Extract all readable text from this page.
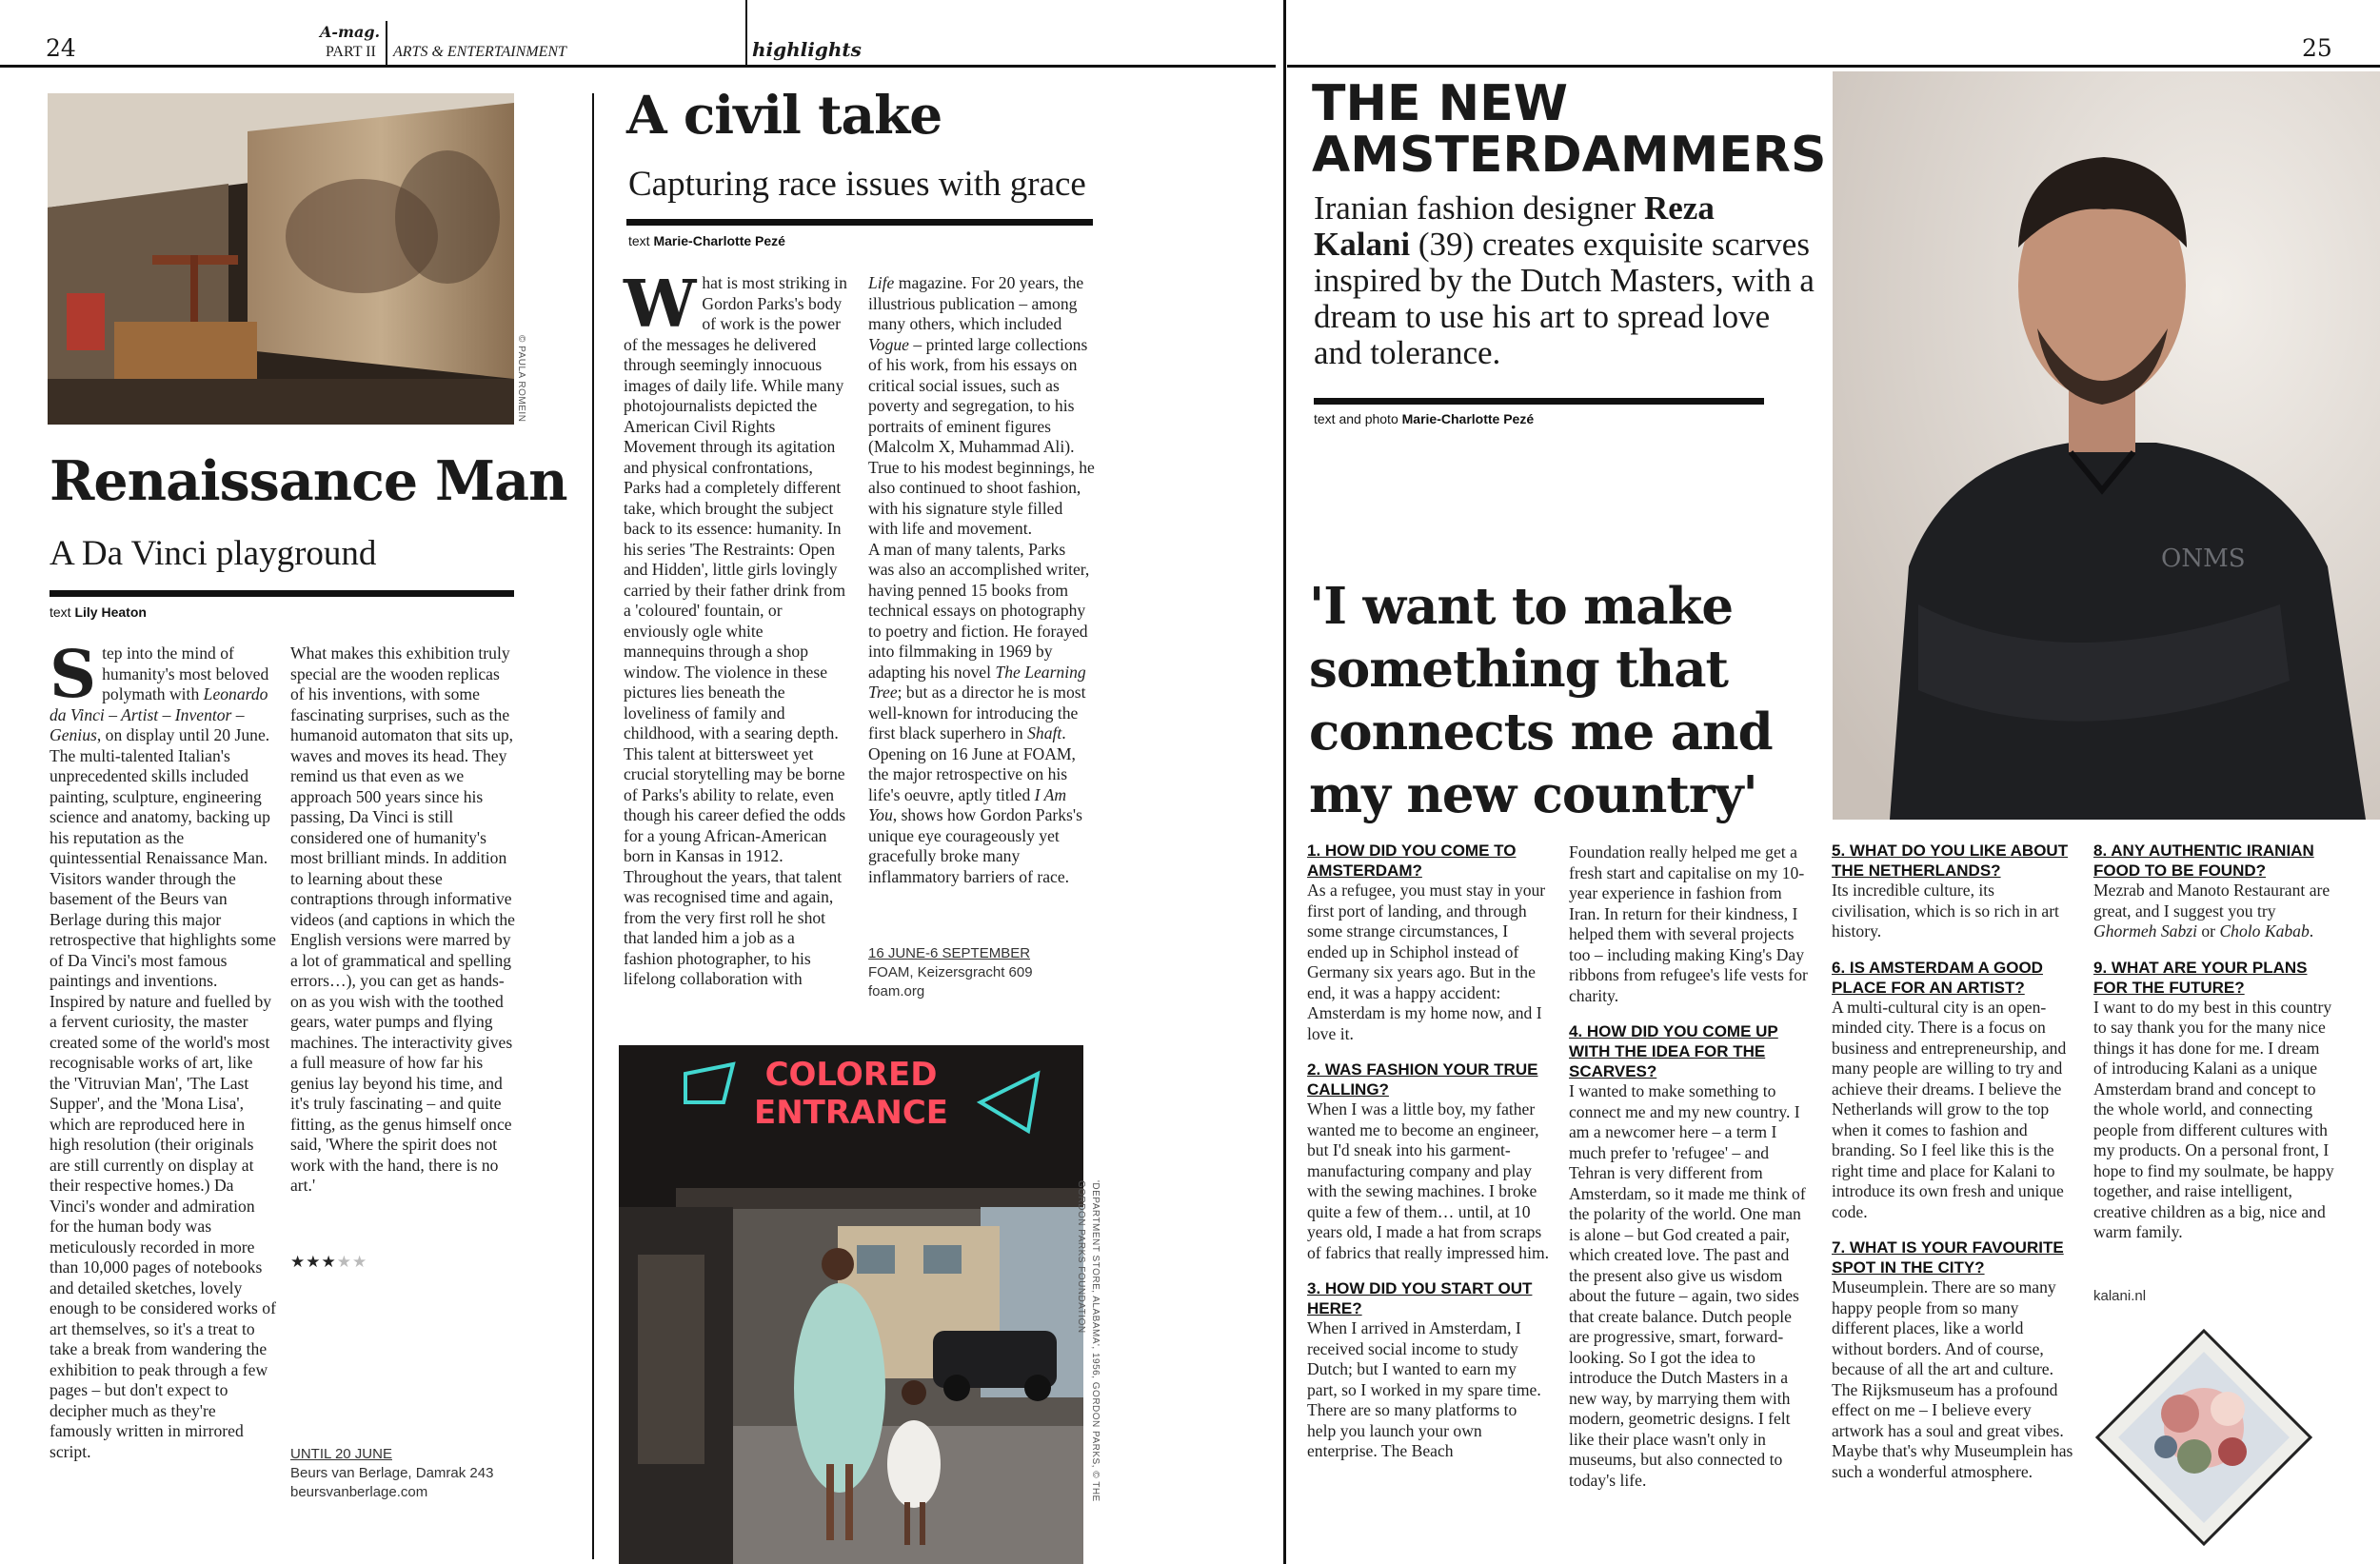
24	25
A-mag.
PART II ARTS & ENTERTAINMENT	highlights
© PAULA ROMEIN
Renaissance Man
A Da Vinci playground
text Lily Heaton

Step into the mind of humanity's most beloved polymath with Leonardo da Vinci – Artist – Inventor – Genius, on display until 20 June. The multi-talented Italian's unprecedented skills included painting, sculpture, engineering science and anatomy, backing up his reputation as the quintessential Renaissance Man. Visitors wander through the basement of the Beurs van Berlage during this major retrospective that highlights some of Da Vinci's most famous paintings and inventions. Inspired by nature and fuelled by a fervent curiosity, the master created some of the world's most recognisable works of art, like the 'Vitruvian Man', 'The Last Supper', and the 'Mona Lisa', which are reproduced here in high resolution (their originals are still currently on display at their respective homes.) Da Vinci's wonder and admiration for the human body was meticulously recorded in more than 10,000 pages of notebooks and detailed sketches, lovely enough to be considered works of art themselves, so it's a treat to take a break from wandering the exhibition to peak through a few pages – but don't expect to decipher much as they're famously written in mirrored script.

What makes this exhibition truly special are the wooden replicas of his inventions, with some fascinating surprises, such as the humanoid automaton that sits up, waves and moves its head. They remind us that even as we approach 500 years since his passing, Da Vinci is still considered one of humanity's most brilliant minds. In addition to learning about these contraptions through informative videos (and captions in which the English versions were marred by a lot of grammatical and spelling errors…), you can get as hands-on as you wish with the toothed gears, water pumps and flying machines. The interactivity gives a full measure of how far his genius lay beyond his time, and it's truly fascinating – and quite fitting, as the genus himself once said, 'Where the spirit does not work with the hand, there is no art.'

★★★★★
UNTIL 20 JUNE
Beurs van Berlage, Damrak 243
beursvanberlage.com
A civil take
Capturing race issues with grace
text Marie-Charlotte Pezé

What is most striking in Gordon Parks's body of work is the power of the messages he delivered through seemingly innocuous images of daily life. While many photojournalists depicted the American Civil Rights Movement through its agitation and physical confrontations, Parks had a completely different take, which brought the subject back to its essence: humanity. In his series 'The Restraints: Open and Hidden', little girls lovingly carried by their father drink from a 'coloured' fountain, or enviously ogle white mannequins through a shop window. The violence in these pictures lies beneath the loveliness of family and childhood, with a searing depth.

This talent at bittersweet yet crucial storytelling may be borne of Parks's ability to relate, even though his career defied the odds for a young African-American born in Kansas in 1912. Throughout the years, that talent was recognised time and again, from the very first roll he shot that landed him a job as a fashion photographer, to his lifelong collaboration with

Life magazine. For 20 years, the illustrious publication – among many others, which included Vogue – printed large collections of his work, from his essays on critical social issues, such as poverty and segregation, to his portraits of eminent figures (Malcolm X, Muhammad Ali). True to his modest beginnings, he also continued to shoot fashion, with his signature style filled with life and movement.

A man of many talents, Parks was also an accomplished writer, having penned 15 books from technical essays on photography to poetry and fiction. He forayed into filmmaking in 1969 by adapting his novel The Learning Tree; but as a director he is most well-known for introducing the first black superhero in Shaft. Opening on 16 June at FOAM, the major retrospective on his life's oeuvre, aptly titled I Am You, shows how Gordon Parks's unique eye courageously yet gracefully broke many inflammatory barriers of race.

16 JUNE-6 SEPTEMBER
FOAM, Keizersgracht 609
foam.org
COLORED
ENTRANCE
'DEPARTMENT STORE, ALABAMA', 1956, GORDON PARKS, © THE GORDON PARKS FOUNDATION
THE NEW
AMSTERDAMMERS
Iranian fashion designer Reza Kalani (39) creates exquisite scarves inspired by the Dutch Masters, with a dream to use his art to spread love and tolerance.
text and photo Marie-Charlotte Pezé
ONMS
'I want to make something that connects me and my new country'
1. HOW DID YOU COME TO AMSTERDAM?

As a refugee, you must stay in your first port of landing, and through some strange circumstances, I ended up in Schiphol instead of Germany six years ago. But in the end, it was a happy accident: Amsterdam is my home now, and I love it.

2. WAS FASHION YOUR TRUE CALLING?

When I was a little boy, my father wanted me to become an engineer, but I'd sneak into his garment-manufacturing company and play with the sewing machines. I broke quite a few of them… until, at 10 years old, I made a hat from scraps of fabrics that really impressed him.

3. HOW DID YOU START OUT HERE?

When I arrived in Amsterdam, I received social income to study Dutch; but I wanted to earn my part, so I worked in my spare time. There are so many platforms to help you launch your own enterprise. The Beach

Foundation really helped me get a fresh start and capitalise on my 10-year experience in fashion from Iran. In return for their kindness, I helped them with several projects too – including making King's Day ribbons from refugee's life vests for charity.

4. HOW DID YOU COME UP WITH THE IDEA FOR THE SCARVES?

I wanted to make something to connect me and my new country. I am a newcomer here – a term I much prefer to 'refugee' – and Tehran is very different from Amsterdam, so it made me think of the polarity of the world. One man is alone – but God created a pair, which created love. The past and the present also give us wisdom about the future – again, two sides that create balance. Dutch people are progressive, smart, forward-looking. So I got the idea to introduce the Dutch Masters in a new way, by marrying them with modern, geometric designs. I felt like their place wasn't only in museums, but also connected to today's life.

5. WHAT DO YOU LIKE ABOUT THE NETHERLANDS?

Its incredible culture, its civilisation, which is so rich in art history.

6. IS AMSTERDAM A GOOD PLACE FOR AN ARTIST?

A multi-cultural city is an open-minded city. There is a focus on business and entrepreneurship, and many people are willing to try and achieve their dreams. I believe the Netherlands will grow to the top when it comes to fashion and branding. So I feel like this is the right time and place for Kalani to introduce its own fresh and unique code.

7. WHAT IS YOUR FAVOURITE SPOT IN THE CITY?

Museumplein. There are so many happy people from so many different places, like a world without borders. And of course, because of all the art and culture. The Rijksmuseum has a profound effect on me – I believe every artwork has a soul and great vibes. Maybe that's why Museumplein has such a wonderful atmosphere.

8. ANY AUTHENTIC IRANIAN FOOD TO BE FOUND?

Mezrab and Manoto Restaurant are great, and I suggest you try Ghormeh Sabzi or Cholo Kabab.

9. WHAT ARE YOUR PLANS FOR THE FUTURE?

I want to do my best in this country to say thank you for the many nice things it has done for me. I dream of introducing Kalani as a unique Amsterdam brand and concept to the whole world, and connecting people from different cultures with my products. On a personal front, I hope to find my soulmate, be happy together, and raise intelligent, creative children as a big, nice and warm family.

kalani.nl
